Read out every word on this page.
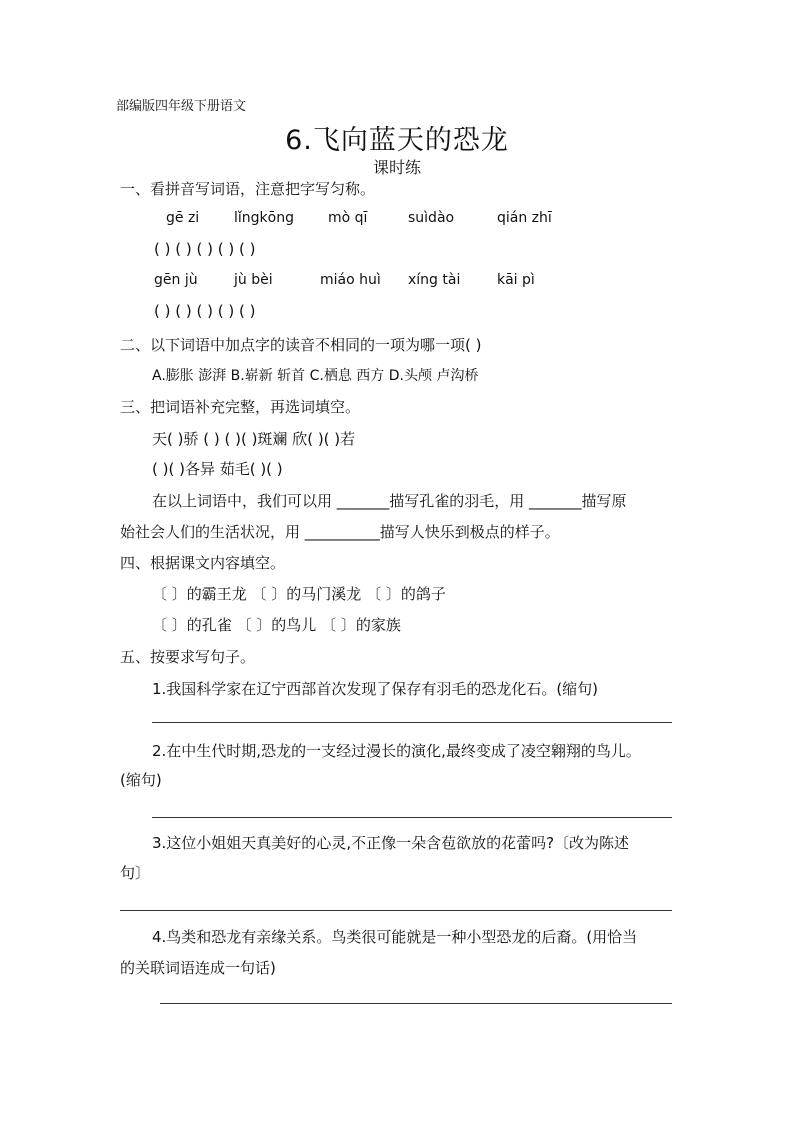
部编版四年级下册语文
6.飞向蓝天的恐龙
课时练
一、看拼音写词语，注意把字写匀称。
gē zi lǐngkōng mò qī	suìdào	qián zhī
( ) ( ) ( ) ( ) ( )
gēn jù	jù bèi	miáo huì xíng tài	kāi pì
( ) ( ) ( ) ( ) ( )
二、以下词语中加点字的读音不相同的一项为哪一项( )
A.膨胀 澎湃 B.崭新 斩首 C.栖息 西方 D.头颅 卢沟桥
三、把词语补充完整，再选词填空。
天( )骄 ( ) ( )( )斑斓 欣( )( )若
( )( )各异 茹毛( )( )
在以上词语中，我们可以用 _______描写孔雀的羽毛，用 _______描写原
始社会人们的生活状况，用 __________描写人快乐到极点的样子。
四、根据课文内容填空。
〔 〕的霸王龙 〔 〕的马门溪龙 〔 〕的鸽子
〔 〕的孔雀 〔 〕的鸟儿 〔 〕的家族
五、按要求写句子。
1.我国科学家在辽宁西部首次发现了保存有羽毛的恐龙化石。(缩句)
2.在中生代时期,恐龙的一支经过漫长的演化,最终变成了凌空翱翔的鸟儿。
(缩句)
3.这位小姐姐天真美好的心灵,不正像一朵含苞欲放的花蕾吗?〔改为陈述
句〕
4.鸟类和恐龙有亲缘关系。鸟类很可能就是一种小型恐龙的后裔。(用恰当
的关联词语连成一句话)
